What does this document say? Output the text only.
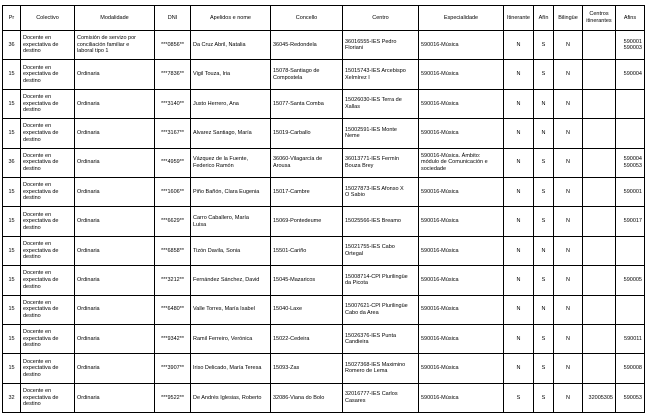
Pr	Colectivo	Modalidade	DNI	Apelidos e nome	Concello	Centro	Especialidade	Itinerante	Afín	Bilingüe	Centros itinerantes	Afins
36	Docente en
expectativa de
destino	Comisión de servizo por
conciliación familiar e
laboral tipo 1	***0856**	Da Cruz Abril, Natalia	36045-Redondela	36016555-IES Pedro
Floriani	590016-Música	N	S	N		590001
590003

15	Docente en
expectativa de
destino	Ordinaria	***7836**	Vigil Touza, Iria	15078-Santiago de
Compostela	15015743-IES Arcebispo
Xelmírez I	590016-Música	N	S	N		590004

15	Docente en
expectativa de
destino	Ordinaria	***3140**	Justo Herrero, Ana	15077-Santa Comba	15026030-IES Terra de
Xallas	590016-Música	N	N	N		
15	Docente en
expectativa de
destino	Ordinaria	***3167**	Alvarez Santiago, María	15019-Carballo	15002591-IES Monte
Neme	590016-Música	N	N	N		
36	Docente en
expectativa de
destino	Ordinaria	***4959**	Vázquez de la Fuente,
Federico Ramón	36060-Vilagarcía de
Arousa	36013771-IES Fermín
Bouza Brey	590016-Música. Ámbito:
módulo de Comunicación e
sociedade	N	S	N		590004
590053

15	Docente en
expectativa de
destino	Ordinaria	***1606**	Piño Bañón, Clara Eugenia	15017-Cambre	15027873-IES Afonso X
O Sabio	590016-Música	N	S	N		590001

15	Docente en
expectativa de
destino	Ordinaria	***6629**	Carro Caballero, María
Luisa	15069-Pontedeume	15025566-IES Breamo	590016-Música	N	S	N		590017

15	Docente en
expectativa de
destino	Ordinaria	***6858**	Tizón Davila, Sonia	15501-Cariño	15021755-IES Cabo
Ortegal	590016-Música	N	N	N		
15	Docente en
expectativa de
destino	Ordinaria	***3212**	Fernández Sánchez, David	15045-Mazaricos	15008714-CPI Plurilingüe
da Picota	590016-Música	N	S	N		590005

15	Docente en
expectativa de
destino	Ordinaria	***6480**	Valle Torres, María Isabel	15040-Laxe	15007621-CPI Plurilingüe
Cabo da Area	590016-Música	N	N	N		
15	Docente en
expectativa de
destino	Ordinaria	***9342**	Ramil Ferreiro, Verónica	15022-Cedeira	15026376-IES Punta
Candieira	590016-Música	N	S	N		590011

15	Docente en
expectativa de
destino	Ordinaria	***3907**	Iriso Delicado, María Teresa	15093-Zas	15027368-IES Maximino
Romero de Lema	590016-Música	N	S	N		590008

32	Docente en
expectativa de
destino	Ordinaria	***9522**	De Andrés Iglesias, Roberto	32086-Viana do Bolo	32016777-IES Carlos
Casares	590016-Música	S	S	N	32005305	590053
